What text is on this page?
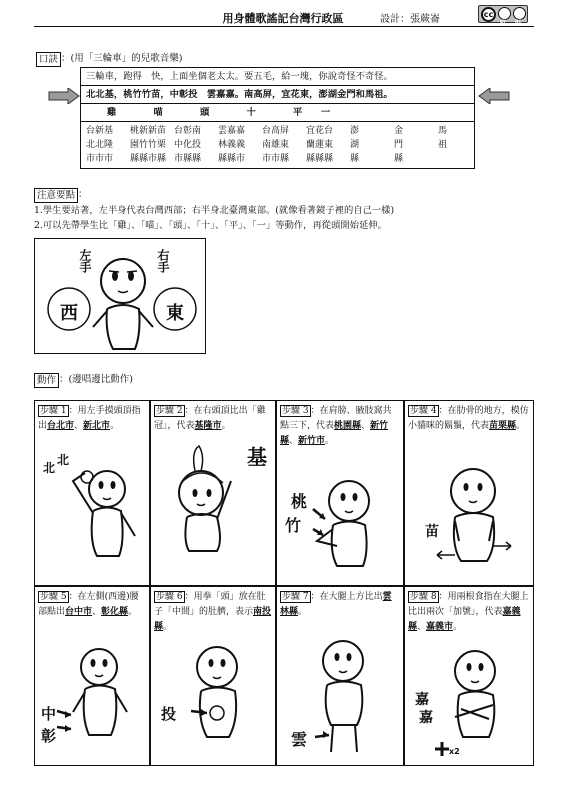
用身體歌謠記台灣行政區	設計：張蕨崙	cc
BY NC
口訣 ：(用「三輪車」的兒歌音樂)
三輪車，跑得　快，上面坐個老太太。要五毛，給一塊，你說奇怪不奇怪。
北北基，桃竹竹苗，中彰投　雲嘉嘉。南高屏，宜花東，澎湖金門和馬祖。
雞　　　　喵　　　　頭　　　　十　　　　平　　一
台新基	桃新新苗 台彰南	雲嘉嘉	台高屏	宜花台	澎	金	馬
北北隆	園竹竹栗 中化投	林義義	南雄東	蘭蓮東	湖	門	祖
市市市	縣縣市縣 市縣縣	縣縣市	市市縣	縣縣縣	縣	縣
注意要點 ：
1.學生要站著，左半身代表台灣西部；右半身北臺灣東部。(就像看著鏡子裡的自己一樣)
2.可以先帶學生比「雞」、「喵」、「頭」、「十」、「平」、「一」等動作，再從頭開始延伸。
左手	右手
西	東
動作 ：(邊唱邊比動作)
步驟 1 ：用左手摸頭頂指出台北市、新北市。
北
北
步驟 2 ：在右頭頂比出「雞冠」，代表基隆市。
基
步驟 3 ：在肩膀、腋肢窩共點三下，代表桃園縣、新竹縣、新竹市。
桃
竹
步驟 4 ：在肋骨的地方，模仿小貓咪的鬍鬚，代表苗栗縣。
苗
步驟 5 ：在左側(西邊)腰部點出台中市、彰化縣。
中
彰
步驟 6 ：用拳「頭」放在肚子「中間」的肚臍，表示南投縣。
投
步驟 7 ：在大腿上方比出雲林縣。
雲
步驟 8 ：用兩根食指在大腿上比出兩次「加號」，代表嘉義縣、嘉義市。
嘉
嘉
x2
